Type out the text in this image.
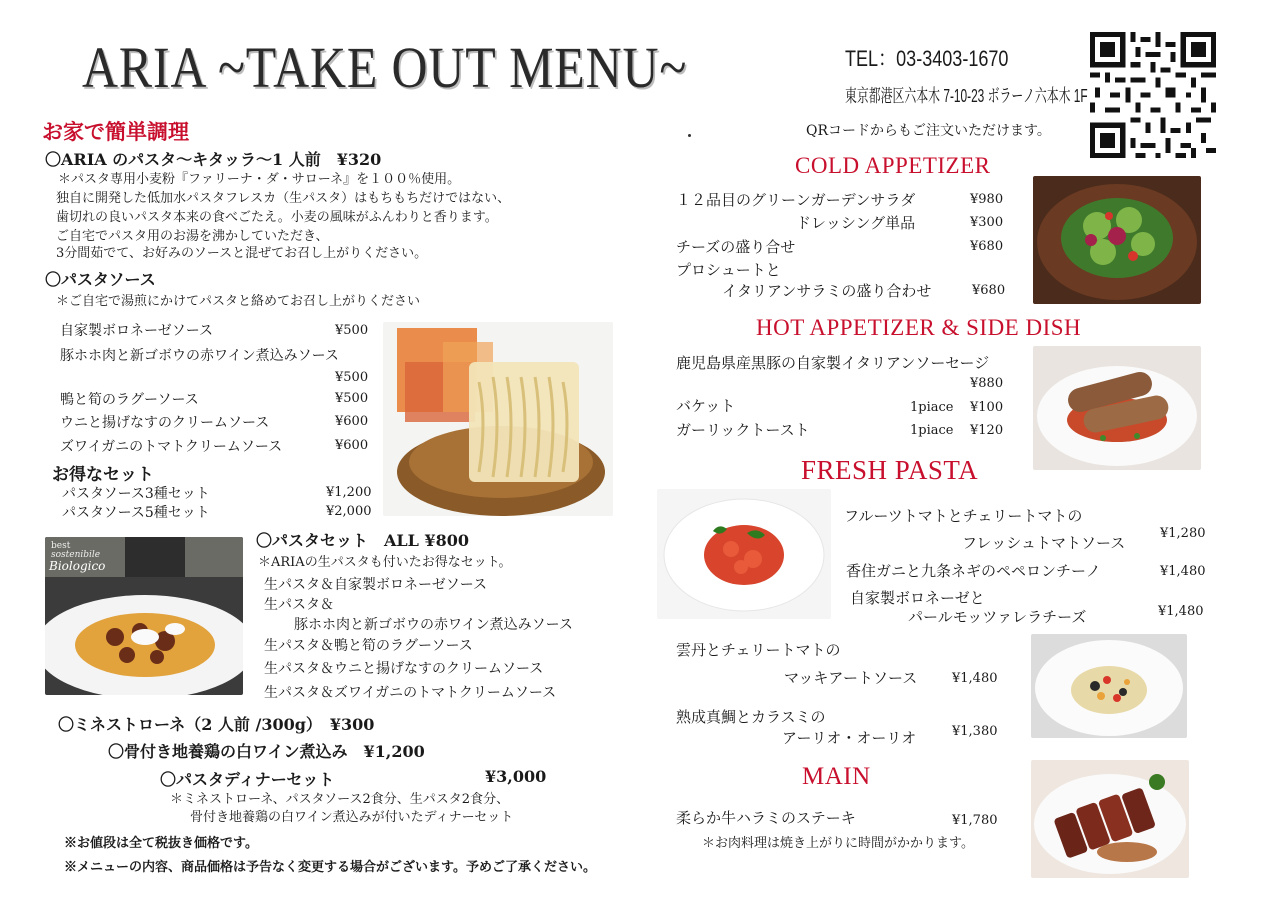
ARIA ~TAKE OUT MENU~	TEL：03-3403-1670
東京都港区六本木 7-10-23 ボラーノ六本木 1F
QRコードからもご注文いただけます。
お家で簡単調理
〇ARIA のパスタ～キタッラ～1 人前　¥320
＊パスタ専用小麦粉『ファリーナ・ダ・サローネ』を１００％使用。
独自に開発した低加水パスタフレスカ（生パスタ）はもちもちだけではない、
歯切れの良いパスタ本来の食べごたえ。小麦の風味がふんわりと香ります。
ご自宅でパスタ用のお湯を沸かしていただき、
3分間茹でて、お好みのソースと混ぜてお召し上がりください。
〇パスタソース
＊ご自宅で湯煎にかけてパスタと絡めてお召し上がりください
自家製ボロネーゼソース	¥500
豚ホホ肉と新ゴボウの赤ワイン煮込みソース
¥500
鴨と筍のラグーソース	¥500
ウニと揚げなすのクリームソース	¥600
ズワイガニのトマトクリームソース	¥600
お得なセット
パスタソース3種セット	¥1,200
パスタソース5種セット	¥2,000
best
sostenibile
Biologico
〇パスタセット　ALL ¥800
＊ARIAの生パスタも付いたお得なセット。
生パスタ＆自家製ボロネーゼソース
生パスタ＆
豚ホホ肉と新ゴボウの赤ワイン煮込みソース
生パスタ＆鴨と筍のラグーソース
生パスタ＆ウニと揚げなすのクリームソース
生パスタ＆ズワイガニのトマトクリームソース
〇ミネストローネ（2 人前 /300g）　¥300
〇骨付き地養鶏の白ワイン煮込み　¥1,200
〇パスタディナーセット	¥3,000
＊ミネストローネ、パスタソース2食分、生パスタ2食分、
骨付き地養鶏の白ワイン煮込みが付いたディナーセット
※お値段は全て税抜き価格です。
※メニューの内容、商品価格は予告なく変更する場合がございます。予めご了承ください。
COLD APPETIZER
１２品目のグリーンガーデンサラダ	¥980
ドレッシング単品	¥300
チーズの盛り合せ	¥680
プロシュートと
イタリアンサラミの盛り合わせ	¥680
HOT APPETIZER & SIDE DISH
鹿児島県産黒豚の自家製イタリアンソーセージ
¥880
バケット	1piace ¥100
ガーリックトースト	1piace ¥120
FRESH PASTA
フルーツトマトとチェリートマトの
フレッシュトマトソース
¥1,280
香住ガニと九条ネギのペペロンチーノ	¥1,480
自家製ボロネーゼと
パールモッツァレラチーズ	¥1,480
雲丹とチェリートマトの
マッキアートソース	¥1,480
熟成真鯛とカラスミの
アーリオ・オーリオ	¥1,380
MAIN
柔らか牛ハラミのステーキ	¥1,780
＊お肉料理は焼き上がりに時間がかかります。
